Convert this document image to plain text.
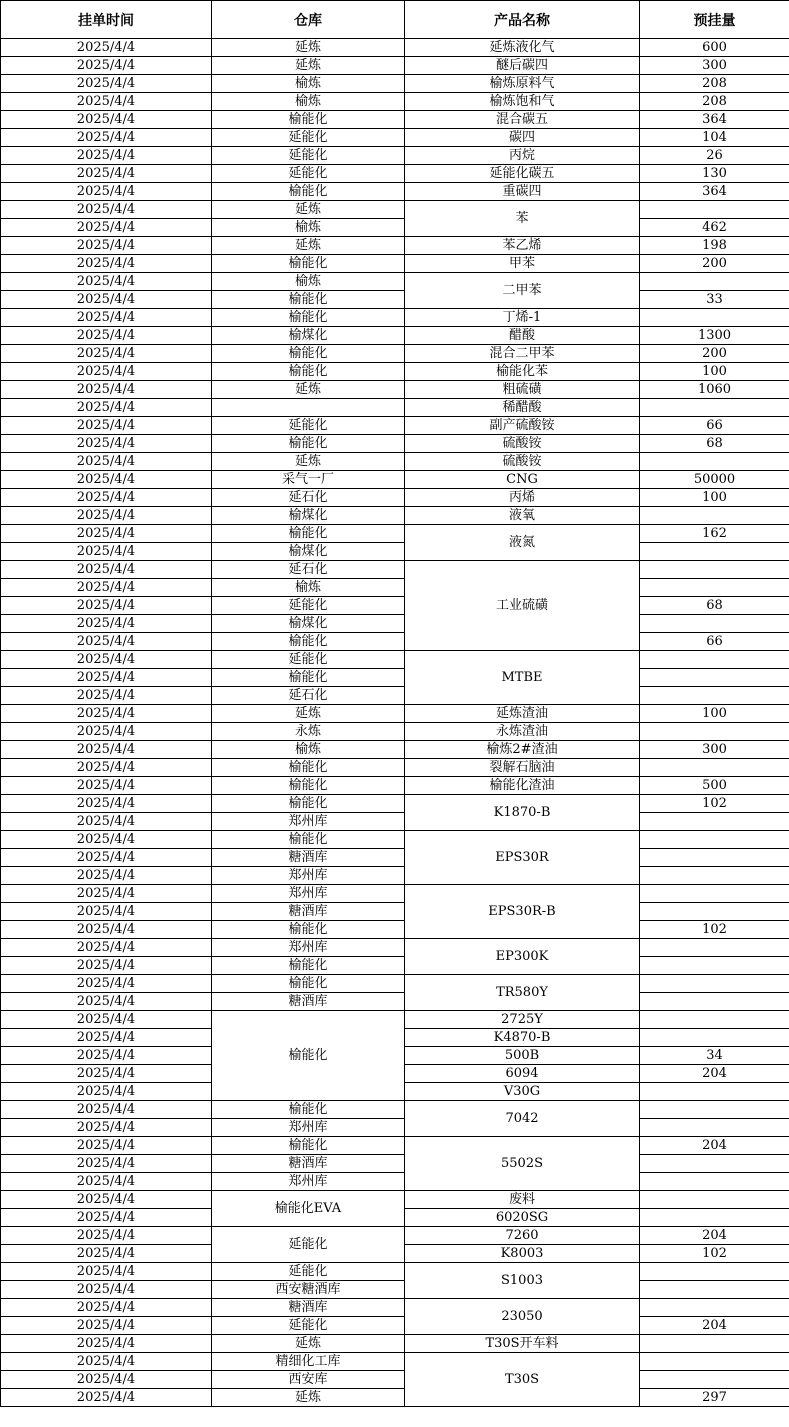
挂单时间	仓库	产品名称	预挂量
2025/4/4	延炼	延炼液化气	600
2025/4/4	延炼	醚后碳四	300
2025/4/4	榆炼	榆炼原料气	208
2025/4/4	榆炼	榆炼饱和气	208
2025/4/4	榆能化	混合碳五	364
2025/4/4	延能化	碳四	104
2025/4/4	延能化	丙烷	26
2025/4/4	延能化	延能化碳五	130
2025/4/4	榆能化	重碳四	364
2025/4/4	延炼	苯	
2025/4/4	榆炼		462
2025/4/4	延炼	苯乙烯	198
2025/4/4	榆能化	甲苯	200
2025/4/4	榆炼	二甲苯	
2025/4/4	榆能化		33
2025/4/4	榆能化	丁烯-1	
2025/4/4	榆煤化	醋酸	1300
2025/4/4	榆能化	混合二甲苯	200
2025/4/4	榆能化	榆能化苯	100
2025/4/4	延炼	粗硫磺	1060
2025/4/4		稀醋酸	
2025/4/4	延能化	副产硫酸铵	66
2025/4/4	榆能化	硫酸铵	68
2025/4/4	延炼	硫酸铵	
2025/4/4	采气一厂	CNG	50000
2025/4/4	延石化	丙烯	100
2025/4/4	榆煤化	液氧	
2025/4/4	榆能化	液氮	162
2025/4/4	榆煤化		
2025/4/4	延石化	工业硫磺	
2025/4/4	榆炼		
2025/4/4	延能化		68
2025/4/4	榆煤化		
2025/4/4	榆能化		66
2025/4/4	延能化	MTBE	
2025/4/4	榆能化		
2025/4/4	延石化		
2025/4/4	延炼	延炼渣油	100
2025/4/4	永炼	永炼渣油	
2025/4/4	榆炼	榆炼2#渣油	300
2025/4/4	榆能化	裂解石脑油	
2025/4/4	榆能化	榆能化渣油	500
2025/4/4	榆能化	K1870-B	102
2025/4/4	郑州库		
2025/4/4	榆能化	EPS30R	
2025/4/4	糖酒库		
2025/4/4	郑州库		
2025/4/4	郑州库	EPS30R-B	
2025/4/4	糖酒库		
2025/4/4	榆能化		102
2025/4/4	郑州库	EP300K	
2025/4/4	榆能化		
2025/4/4	榆能化	TR580Y	
2025/4/4	糖酒库		
2025/4/4	榆能化	2725Y	
2025/4/4		K4870-B	
2025/4/4		500B	34
2025/4/4		6094	204
2025/4/4		V30G	
2025/4/4	榆能化	7042	
2025/4/4	郑州库		
2025/4/4	榆能化	5502S	204
2025/4/4	糖酒库		
2025/4/4	郑州库		
2025/4/4	榆能化EVA	废料	
2025/4/4		6020SG	
2025/4/4	延能化	7260	204
2025/4/4		K8003	102
2025/4/4	延能化	S1003	
2025/4/4	西安糖酒库		
2025/4/4	糖酒库	23050	
2025/4/4	延能化		204
2025/4/4	延炼	T30S开车料	
2025/4/4	精细化工库	T30S	
2025/4/4	西安库		
2025/4/4	延炼		297
